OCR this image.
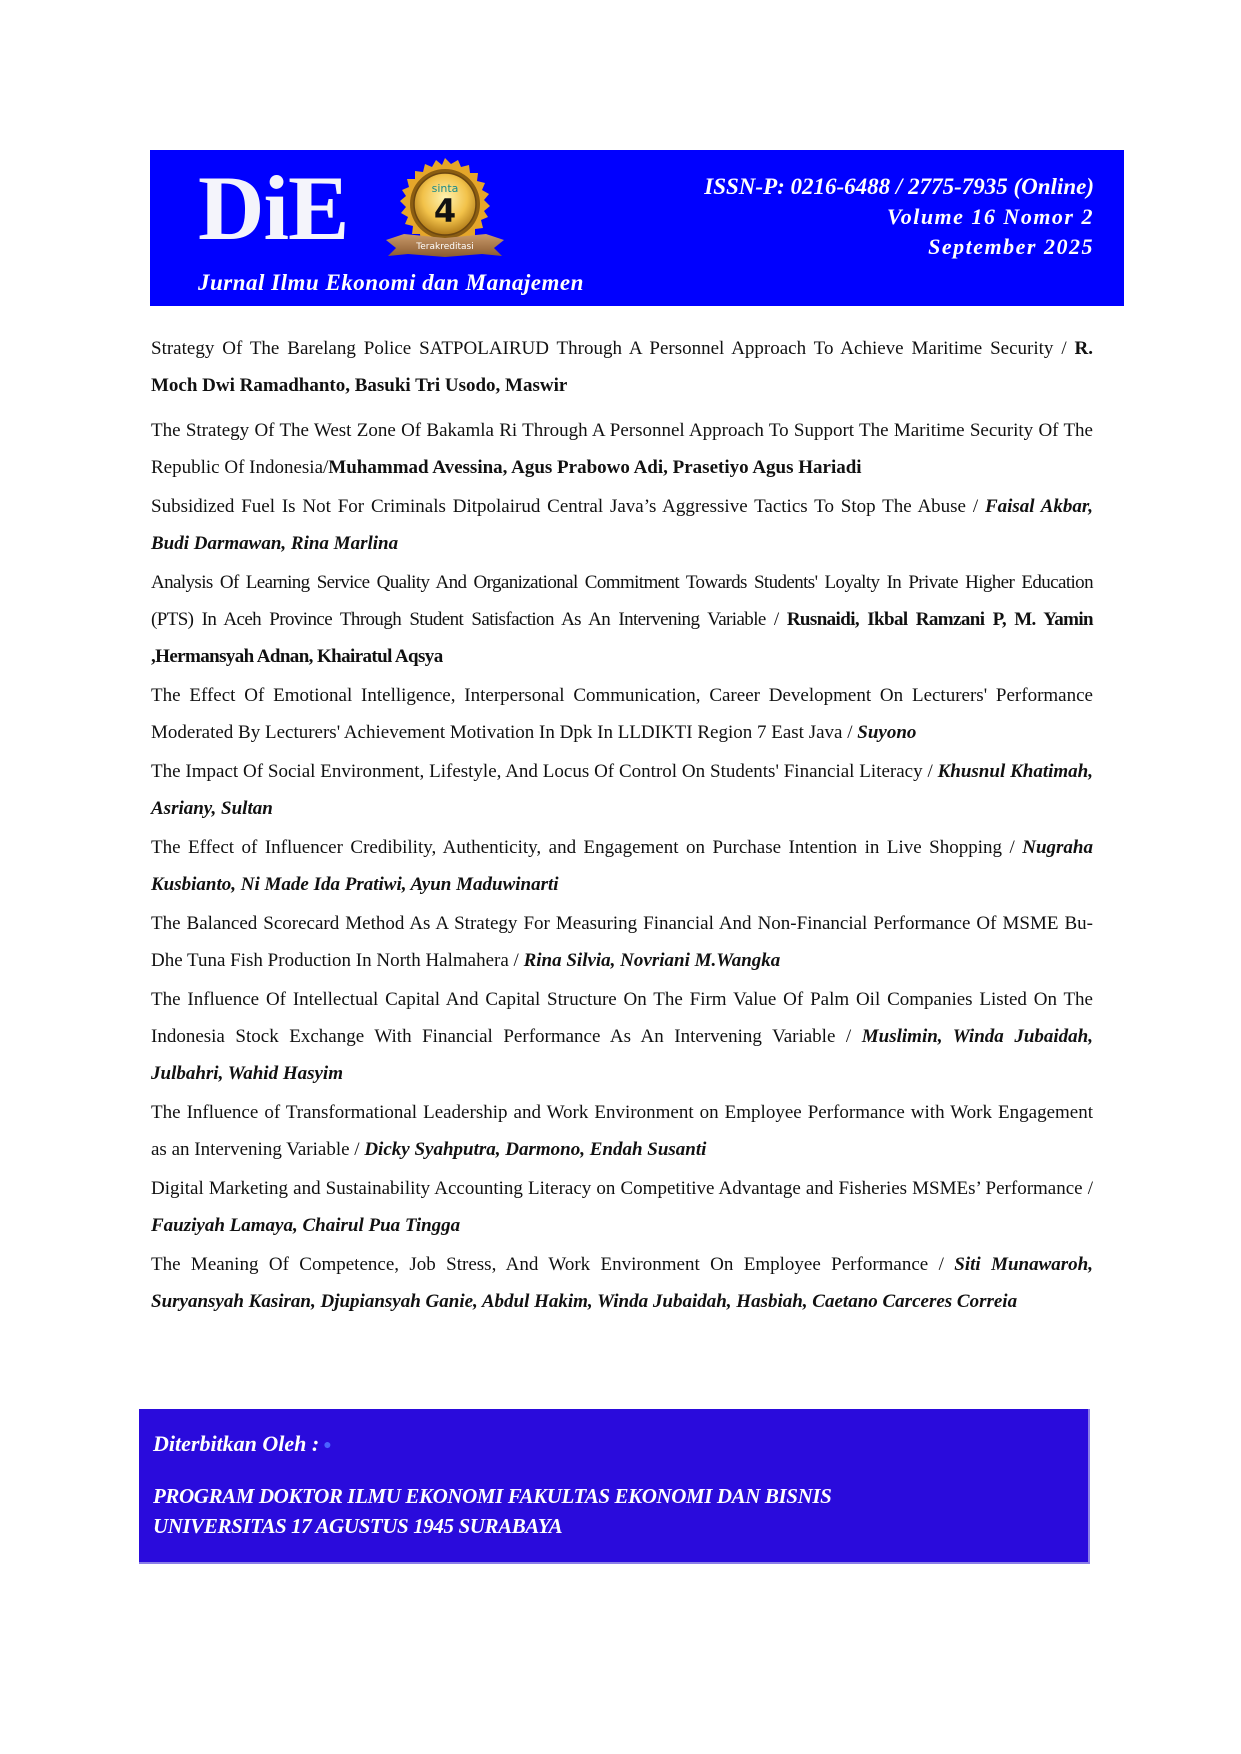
DiE	sinta
4
Terakreditasi
Jurnal Ilmu Ekonomi dan Manajemen
ISSN-P: 0216-6488 / 2775-7935 (Online)
Volume 16 Nomor 2
September 2025
Strategy Of The Barelang Police SATPOLAIRUD Through A Personnel Approach To Achieve Maritime Security / R. Moch Dwi Ramadhanto, Basuki Tri Usodo, Maswir
The Strategy Of The West Zone Of Bakamla Ri Through A Personnel Approach To Support The Maritime Security Of The Republic Of Indonesia/Muhammad Avessina, Agus Prabowo Adi, Prasetiyo Agus Hariadi
Subsidized Fuel Is Not For Criminals Ditpolairud Central Java’s Aggressive Tactics To Stop The Abuse / Faisal Akbar, Budi Darmawan, Rina Marlina
Analysis Of Learning Service Quality And Organizational Commitment Towards Students' Loyalty In Private Higher Education (PTS) In Aceh Province Through Student Satisfaction As An Intervening Variable / Rusnaidi, Ikbal Ramzani P, M. Yamin ,Hermansyah Adnan, Khairatul Aqsya
The Effect Of Emotional Intelligence, Interpersonal Communication, Career Development On Lecturers' Performance Moderated By Lecturers' Achievement Motivation In Dpk In LLDIKTI Region 7 East Java / Suyono
The Impact Of Social Environment, Lifestyle, And Locus Of Control On Students' Financial Literacy / Khusnul Khatimah, Asriany, Sultan
The Effect of Influencer Credibility, Authenticity, and Engagement on Purchase Intention in Live Shopping / Nugraha Kusbianto, Ni Made Ida Pratiwi, Ayun Maduwinarti
The Balanced Scorecard Method As A Strategy For Measuring Financial And Non-Financial Performance Of MSME Bu-Dhe Tuna Fish Production In North Halmahera / Rina Silvia, Novriani M.Wangka
The Influence Of Intellectual Capital And Capital Structure On The Firm Value Of Palm Oil Companies Listed On The Indonesia Stock Exchange With Financial Performance As An Intervening Variable / Muslimin, Winda Jubaidah, Julbahri, Wahid Hasyim
The Influence of Transformational Leadership and Work Environment on Employee Performance with Work Engagement as an Intervening Variable / Dicky Syahputra, Darmono, Endah Susanti
Digital Marketing and Sustainability Accounting Literacy on Competitive Advantage and Fisheries MSMEs’ Performance / Fauziyah Lamaya, Chairul Pua Tingga
The Meaning Of Competence, Job Stress, And Work Environment On Employee Performance / Siti Munawaroh, Suryansyah Kasiran, Djupiansyah Ganie, Abdul Hakim, Winda Jubaidah, Hasbiah, Caetano Carceres Correia
Diterbitkan Oleh : ●
PROGRAM DOKTOR ILMU EKONOMI FAKULTAS EKONOMI DAN BISNIS
UNIVERSITAS 17 AGUSTUS 1945 SURABAYA
